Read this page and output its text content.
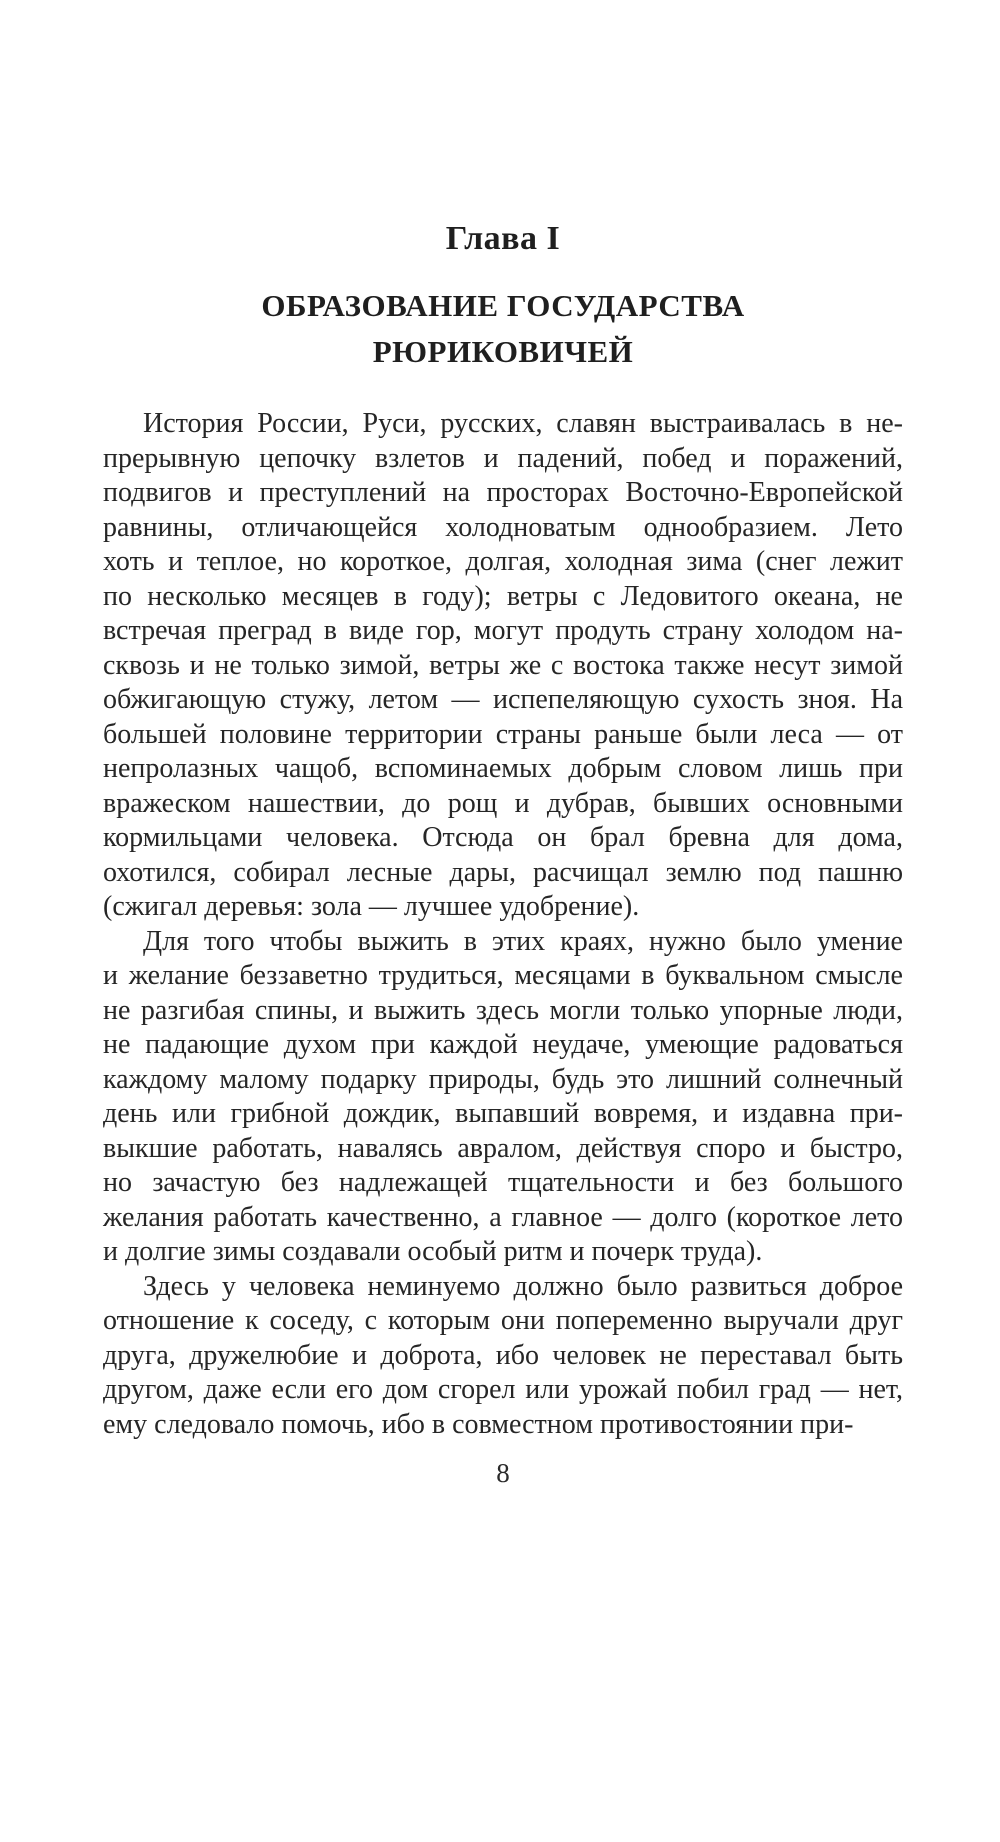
Глава I
ОБРАЗОВАНИЕ ГОСУДАРСТВА
РЮРИКОВИЧЕЙ
История России, Руси, русских, славян выстраивалась в не-
прерывную цепочку взлетов и падений, побед и поражений,
подвигов и преступлений на просторах Восточно-Европейской
равнины, отличающейся холодноватым однообразием. Лето
хоть и теплое, но короткое, долгая, холодная зима (снег лежит
по несколько месяцев в году); ветры с Ледовитого океана, не
встречая преград в виде гор, могут продуть страну холодом на-
сквозь и не только зимой, ветры же с востока также несут зимой
обжигающую стужу, летом — испепеляющую сухость зноя. На
большей половине территории страны раньше были леса — от
непролазных чащоб, вспоминаемых добрым словом лишь при
вражеском нашествии, до рощ и дубрав, бывших основными
кормильцами человека. Отсюда он брал бревна для дома,
охотился, собирал лесные дары, расчищал землю под пашню
(сжигал деревья: зола — лучшее удобрение).
Для того чтобы выжить в этих краях, нужно было умение
и желание беззаветно трудиться, месяцами в буквальном смысле
не разгибая спины, и выжить здесь могли только упорные люди,
не падающие духом при каждой неудаче, умеющие радоваться
каждому малому подарку природы, будь это лишний солнечный
день или грибной дождик, выпавший вовремя, и издавна при-
выкшие работать, навалясь авралом, действуя споро и быстро,
но зачастую без надлежащей тщательности и без большого
желания работать качественно, а главное — долго (короткое лето
и долгие зимы создавали особый ритм и почерк труда).
Здесь у человека неминуемо должно было развиться доброе
отношение к соседу, с которым они попеременно выручали друг
друга, дружелюбие и доброта, ибо человек не переставал быть
другом, даже если его дом сгорел или урожай побил град — нет,
ему следовало помочь, ибо в совместном противостоянии при-
8
